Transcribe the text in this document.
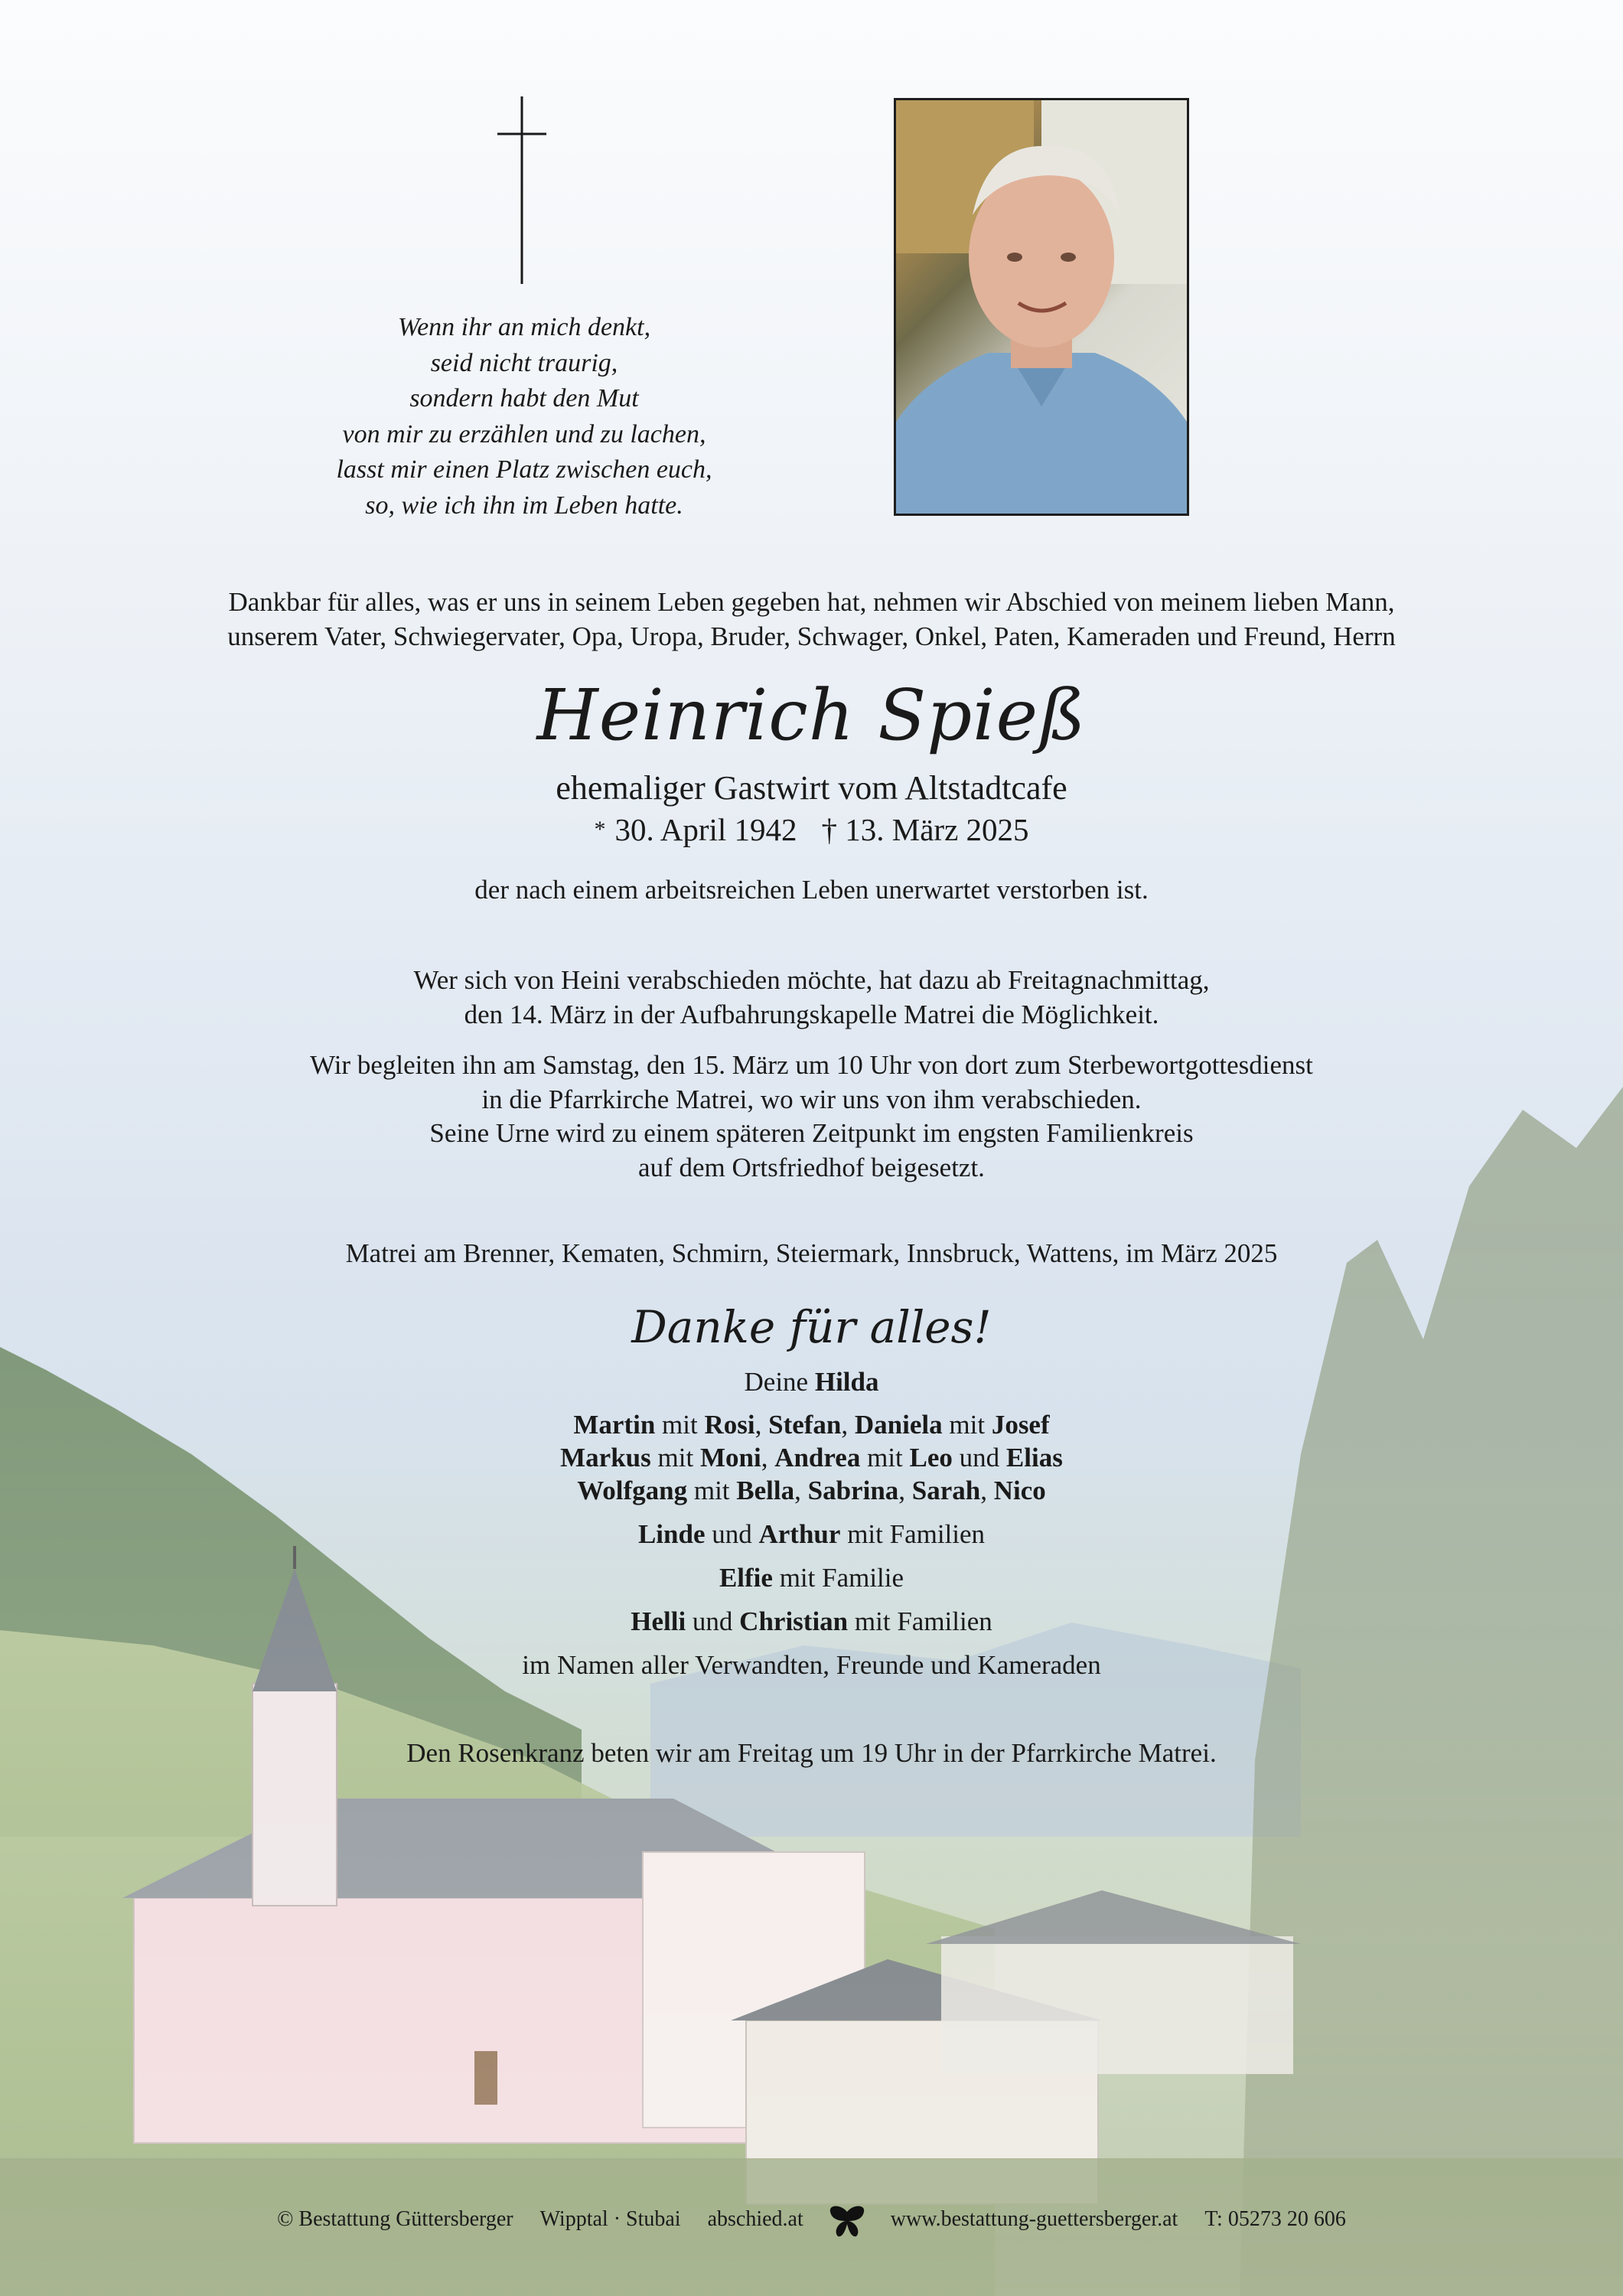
Wenn ihr an mich denkt,
seid nicht traurig,
sondern habt den Mut
von mir zu erzählen und zu lachen,
lasst mir einen Platz zwischen euch,
so, wie ich ihn im Leben hatte.
Dankbar für alles, was er uns in seinem Leben gegeben hat, nehmen wir Abschied von meinem lieben Mann,
unserem Vater, Schwiegervater, Opa, Uropa, Bruder, Schwager, Onkel, Paten, Kameraden und Freund, Herrn
Heinrich Spieß
ehemaliger Gastwirt vom Altstadtcafe
* 30. April 1942 † 13. März 2025
der nach einem arbeitsreichen Leben unerwartet verstorben ist.
Wer sich von Heini verabschieden möchte, hat dazu ab Freitagnachmittag,
den 14. März in der Aufbahrungskapelle Matrei die Möglichkeit.
Wir begleiten ihn am Samstag, den 15. März um 10 Uhr von dort zum Sterbewortgottesdienst
in die Pfarrkirche Matrei, wo wir uns von ihm verabschieden.
Seine Urne wird zu einem späteren Zeitpunkt im engsten Familienkreis
auf dem Ortsfriedhof beigesetzt.
Matrei am Brenner, Kematen, Schmirn, Steiermark, Innsbruck, Wattens, im März 2025
Danke für alles!
Deine Hilda
Martin mit Rosi, Stefan, Daniela mit Josef
Markus mit Moni, Andrea mit Leo und Elias
Wolfgang mit Bella, Sabrina, Sarah, Nico
Linde und Arthur mit Familien
Elfie mit Familie
Helli und Christian mit Familien
im Namen aller Verwandten, Freunde und Kameraden
Den Rosenkranz beten wir am Freitag um 19 Uhr in der Pfarrkirche Matrei.
© Bestattung Güttersberger Wipptal · Stubai abschied.at	www.bestattung-guettersberger.at T: 05273 20 606
